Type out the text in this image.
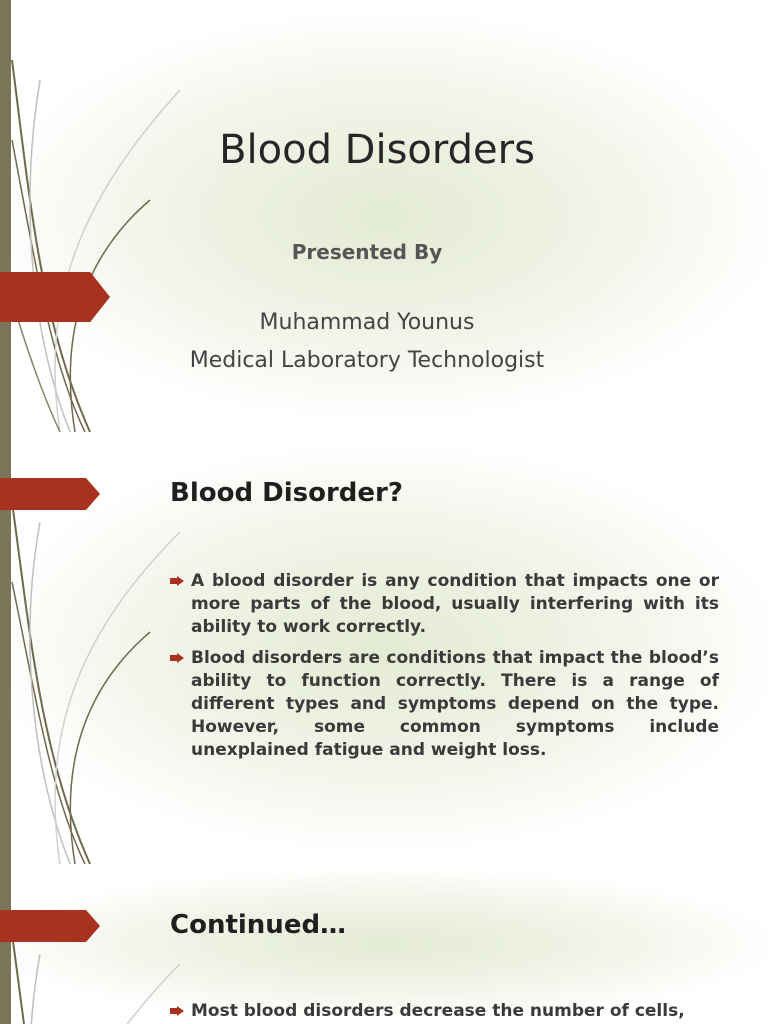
Blood Disorders
Presented By
Muhammad Younus
Medical Laboratory Technologist
Blood Disorder?
A blood disorder is any condition that impacts one or more parts of the blood, usually interfering with its ability to work correctly.
Blood disorders are conditions that impact the blood’s ability to function correctly. There is a range of different types and symptoms depend on the type. However, some common symptoms include unexplained fatigue and weight loss.
Continued…
Most blood disorders decrease the number of cells,
